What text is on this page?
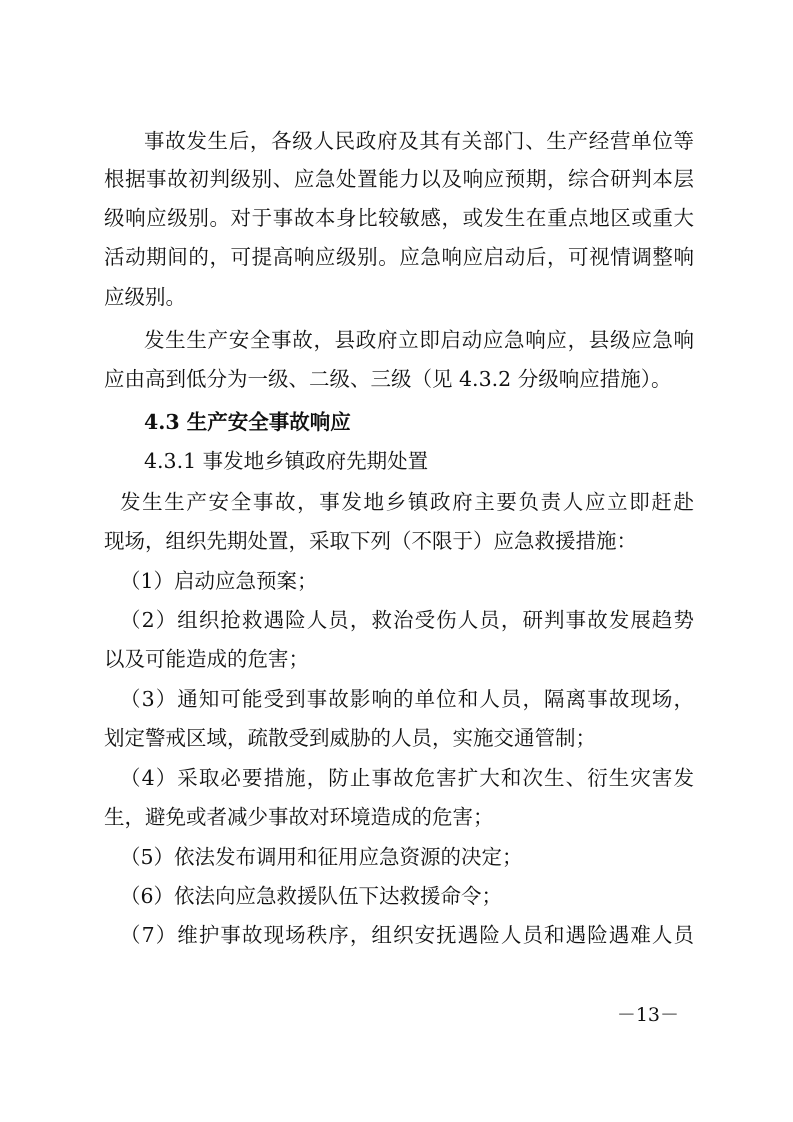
事故发生后，各级人民政府及其有关部门、生产经营单位等
根据事故初判级别、应急处置能力以及响应预期，综合研判本层
级响应级别。对于事故本身比较敏感，或发生在重点地区或重大
活动期间的，可提高响应级别。应急响应启动后，可视情调整响
应级别。
发生生产安全事故，县政府立即启动应急响应，县级应急响
应由高到低分为一级、二级、三级（见 4.3.2 分级响应措施）。
4.3 生产安全事故响应
4.3.1 事发地乡镇政府先期处置
发生生产安全事故，事发地乡镇政府主要负责人应立即赶赴
现场，组织先期处置，采取下列（不限于）应急救援措施：
（1）启动应急预案；
（2）组织抢救遇险人员，救治受伤人员，研判事故发展趋势
以及可能造成的危害；
（3）通知可能受到事故影响的单位和人员，隔离事故现场，
划定警戒区域，疏散受到威胁的人员，实施交通管制；
（4）采取必要措施，防止事故危害扩大和次生、衍生灾害发
生，避免或者减少事故对环境造成的危害；
（5）依法发布调用和征用应急资源的决定；
（6）依法向应急救援队伍下达救援命令；
（7）维护事故现场秩序，组织安抚遇险人员和遇险遇难人员
－13－
